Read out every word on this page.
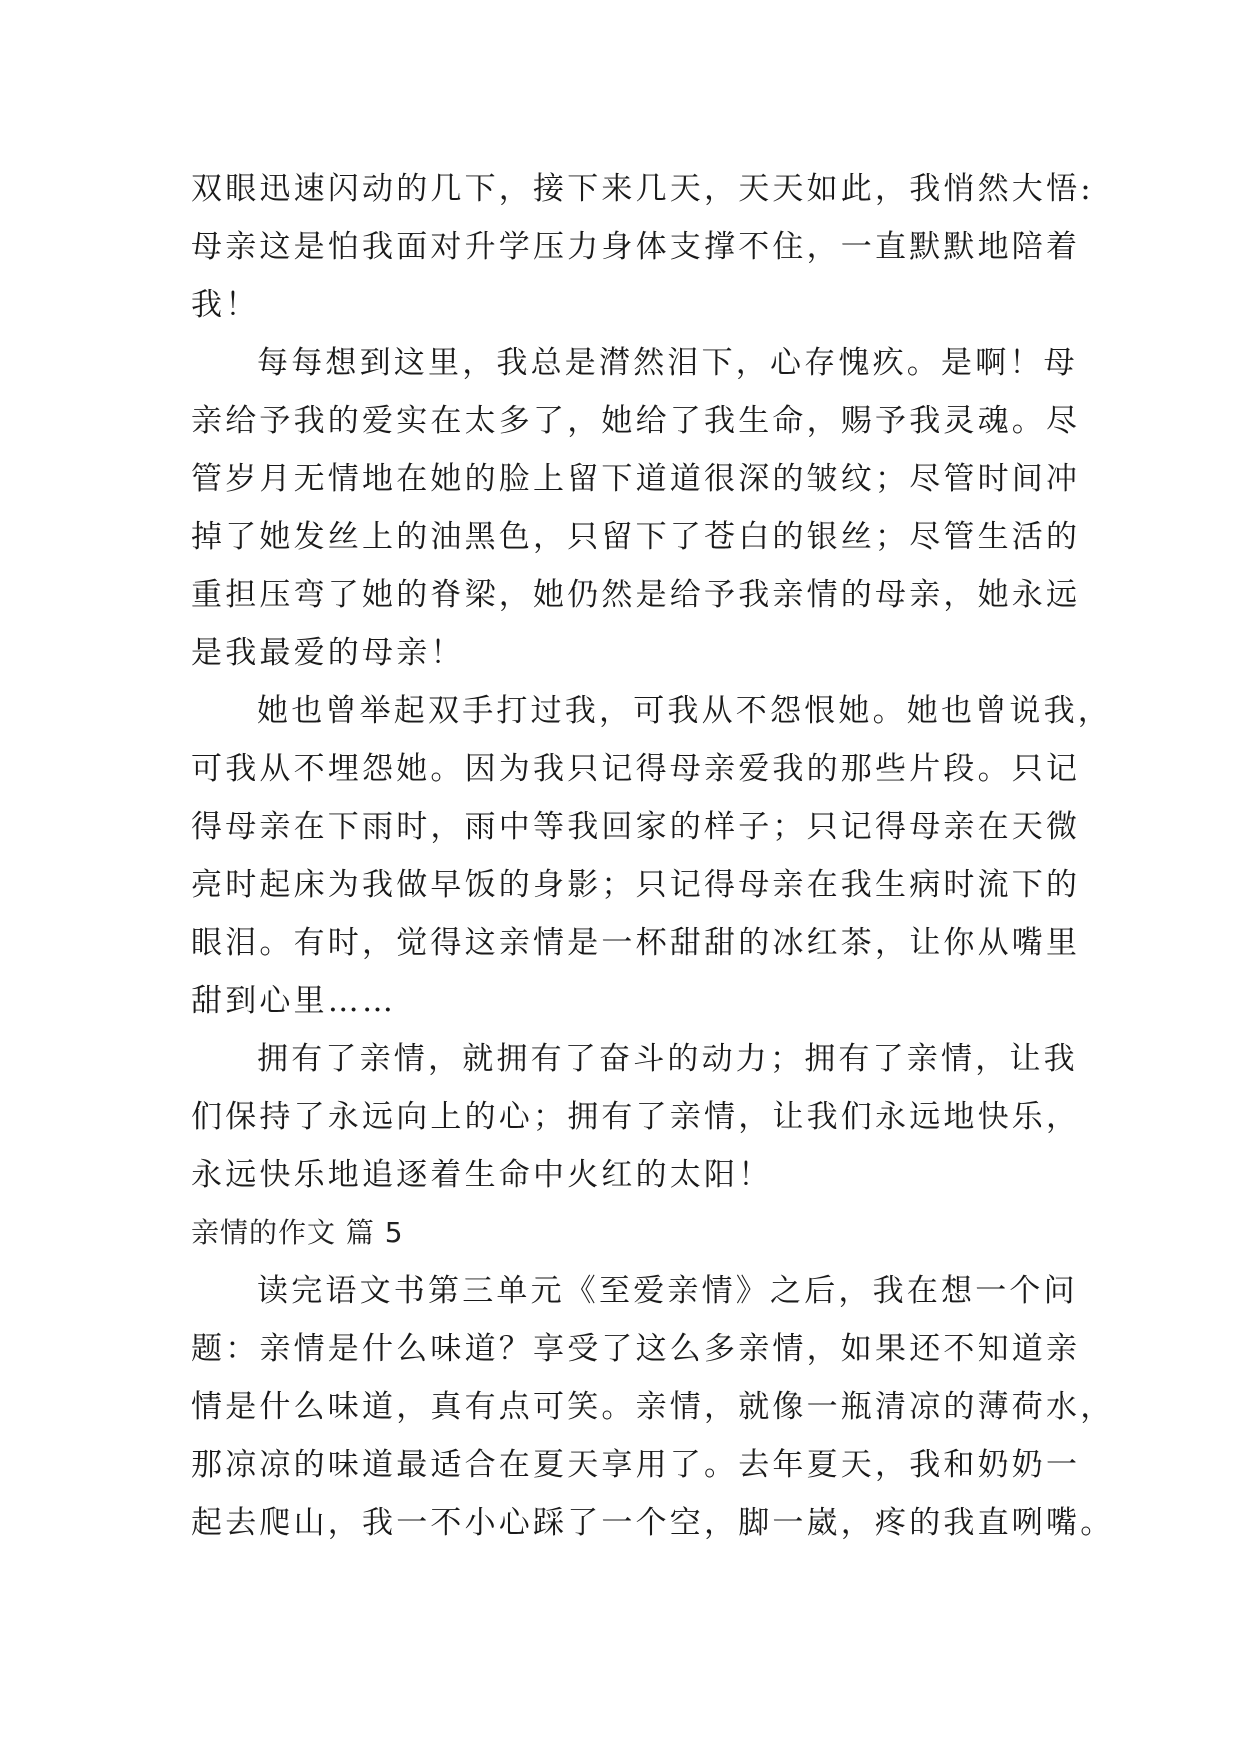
双眼迅速闪动的几下，接下来几天，天天如此，我悄然大悟:
母亲这是怕我面对升学压力身体支撑不住，一直默默地陪着
我！
每每想到这里，我总是潸然泪下，心存愧疚。是啊！母
亲给予我的爱实在太多了，她给了我生命，赐予我灵魂。尽
管岁月无情地在她的脸上留下道道很深的皱纹；尽管时间冲
掉了她发丝上的油黑色，只留下了苍白的银丝；尽管生活的
重担压弯了她的脊梁，她仍然是给予我亲情的母亲，她永远
是我最爱的母亲！
她也曾举起双手打过我，可我从不怨恨她。她也曾说我，
可我从不埋怨她。因为我只记得母亲爱我的那些片段。只记
得母亲在下雨时，雨中等我回家的样子；只记得母亲在天微
亮时起床为我做早饭的身影；只记得母亲在我生病时流下的
眼泪。有时，觉得这亲情是一杯甜甜的冰红茶，让你从嘴里
甜到心里……
拥有了亲情，就拥有了奋斗的动力；拥有了亲情，让我
们保持了永远向上的心；拥有了亲情，让我们永远地快乐，
永远快乐地追逐着生命中火红的太阳！
亲情的作文 篇 5
读完语文书第三单元《至爱亲情》之后，我在想一个问
题：亲情是什么味道？享受了这么多亲情，如果还不知道亲
情是什么味道，真有点可笑。亲情，就像一瓶清凉的薄荷水，
那凉凉的味道最适合在夏天享用了。去年夏天，我和奶奶一
起去爬山，我一不小心踩了一个空，脚一崴，疼的我直咧嘴。
